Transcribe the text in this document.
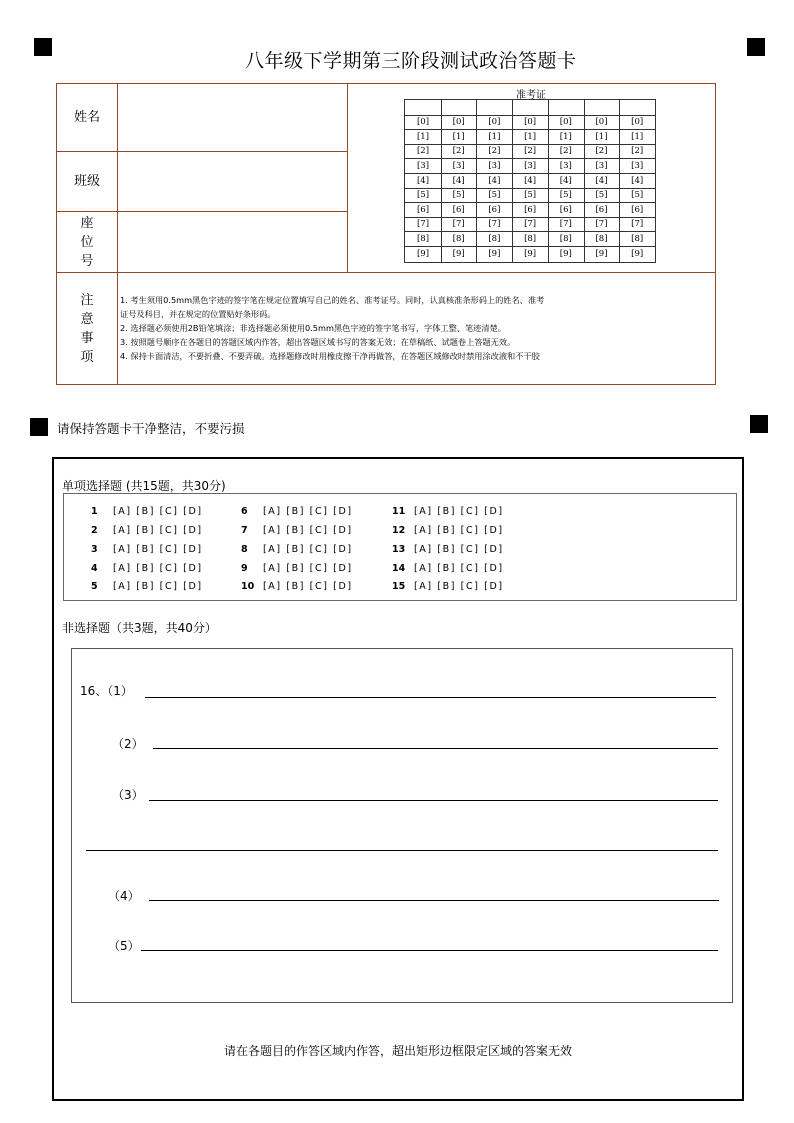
八年级下学期第三阶段测试政治答题卡
姓名
班级
座
位
号
注
意
事
项
准考证
[0]
[1]
[2]
[3]
[4]
[5]
[6]
[7]
[8]
[9]
[0]
[1]
[2]
[3]
[4]
[5]
[6]
[7]
[8]
[9]
[0]
[1]
[2]
[3]
[4]
[5]
[6]
[7]
[8]
[9]
[0]
[1]
[2]
[3]
[4]
[5]
[6]
[7]
[8]
[9]
[0]
[1]
[2]
[3]
[4]
[5]
[6]
[7]
[8]
[9]
[0]
[1]
[2]
[3]
[4]
[5]
[6]
[7]
[8]
[9]
[0]
[1]
[2]
[3]
[4]
[5]
[6]
[7]
[8]
[9]
1. 考生须用0.5mm黑色字迹的签字笔在规定位置填写自己的姓名、准考证号。同时，认真核准条形码上的姓名、准考
证号及科目，并在规定的位置贴好条形码。
2. 选择题必须使用2B铅笔填涂；非选择题必须使用0.5mm黑色字迹的签字笔书写，字体工整、笔迹清楚。
3. 按照题号顺序在各题目的答题区域内作答，超出答题区域书写的答案无效；在草稿纸、试题卷上答题无效。
4. 保持卡面清洁，不要折叠、不要弄破。选择题修改时用橡皮擦干净再做答，在答题区域修改时禁用涂改液和不干胶
请保持答题卡干净整洁，不要污损
单项选择题 (共15题，共30分)
1 [A] [B] [C] [D]
2 [A] [B] [C] [D]
3 [A] [B] [C] [D]
4 [A] [B] [C] [D]
5 [A] [B] [C] [D]
6 [A] [B] [C] [D]
7 [A] [B] [C] [D]
8 [A] [B] [C] [D]
9 [A] [B] [C] [D]
10 [A] [B] [C] [D]
11 [A] [B] [C] [D]
12 [A] [B] [C] [D]
13 [A] [B] [C] [D]
14 [A] [B] [C] [D]
15 [A] [B] [C] [D]
非选择题（共3题，共40分）
16、（1）
（2）
（3）
（4）
（5）
请在各题目的作答区域内作答，超出矩形边框限定区域的答案无效
